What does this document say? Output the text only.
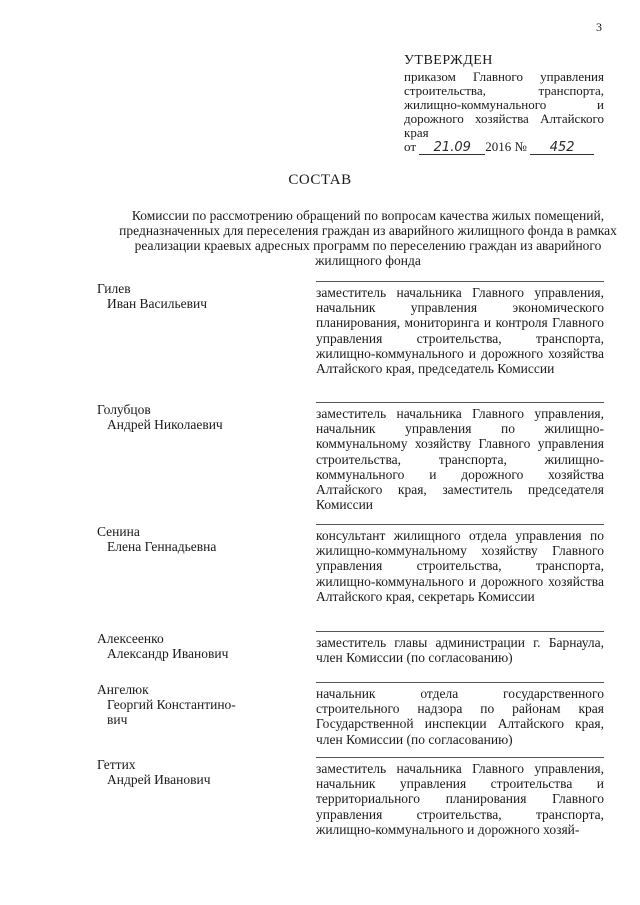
3
УТВЕРЖДЕН
приказом Главного управления строительства, транспорта, жилищно-коммунального и дорожного хозяйства Алтайского края
от 21.09 2016 № 452
СОСТАВ
Комиссии по рассмотрению обращений по вопросам качества жилых помещений, предназначенных для переселения граждан из аварийного жилищного фонда в рамках реализации краевых адресных программ по переселению граждан из аварийного жилищного фонда
Гилев
Иван Васильевич
заместитель начальника Главного управления, начальник управления экономического планирования, мониторинга и контроля Главного управления строительства, транспорта, жилищно-коммунального и дорожного хозяйства Алтайского края, председатель Комиссии
Голубцов
Андрей Николаевич
заместитель начальника Главного управления, начальник управления по жилищно-коммунальному хозяйству Главного управления строительства, транспорта, жилищно-коммунального и дорожного хозяйства Алтайского края, заместитель председателя Комиссии
Сенина
Елена Геннадьевна
консультант жилищного отдела управления по жилищно-коммунальному хозяйству Главного управления строительства, транспорта, жилищно-коммунального и дорожного хозяйства Алтайского края, секретарь Комиссии
Алексеенко
Александр Иванович
заместитель главы администрации г. Барнаула, член Комиссии (по согласованию)
Ангелюк
Георгий Константино-
вич
начальник отдела государственного строительного надзора по районам края Государственной инспекции Алтайского края, член Комиссии (по согласованию)
Геттих
Андрей Иванович
заместитель начальника Главного управления, начальник управления строительства и территориального планирования Главного управления строительства, транспорта, жилищно-коммунального и дорожного хозяй-
